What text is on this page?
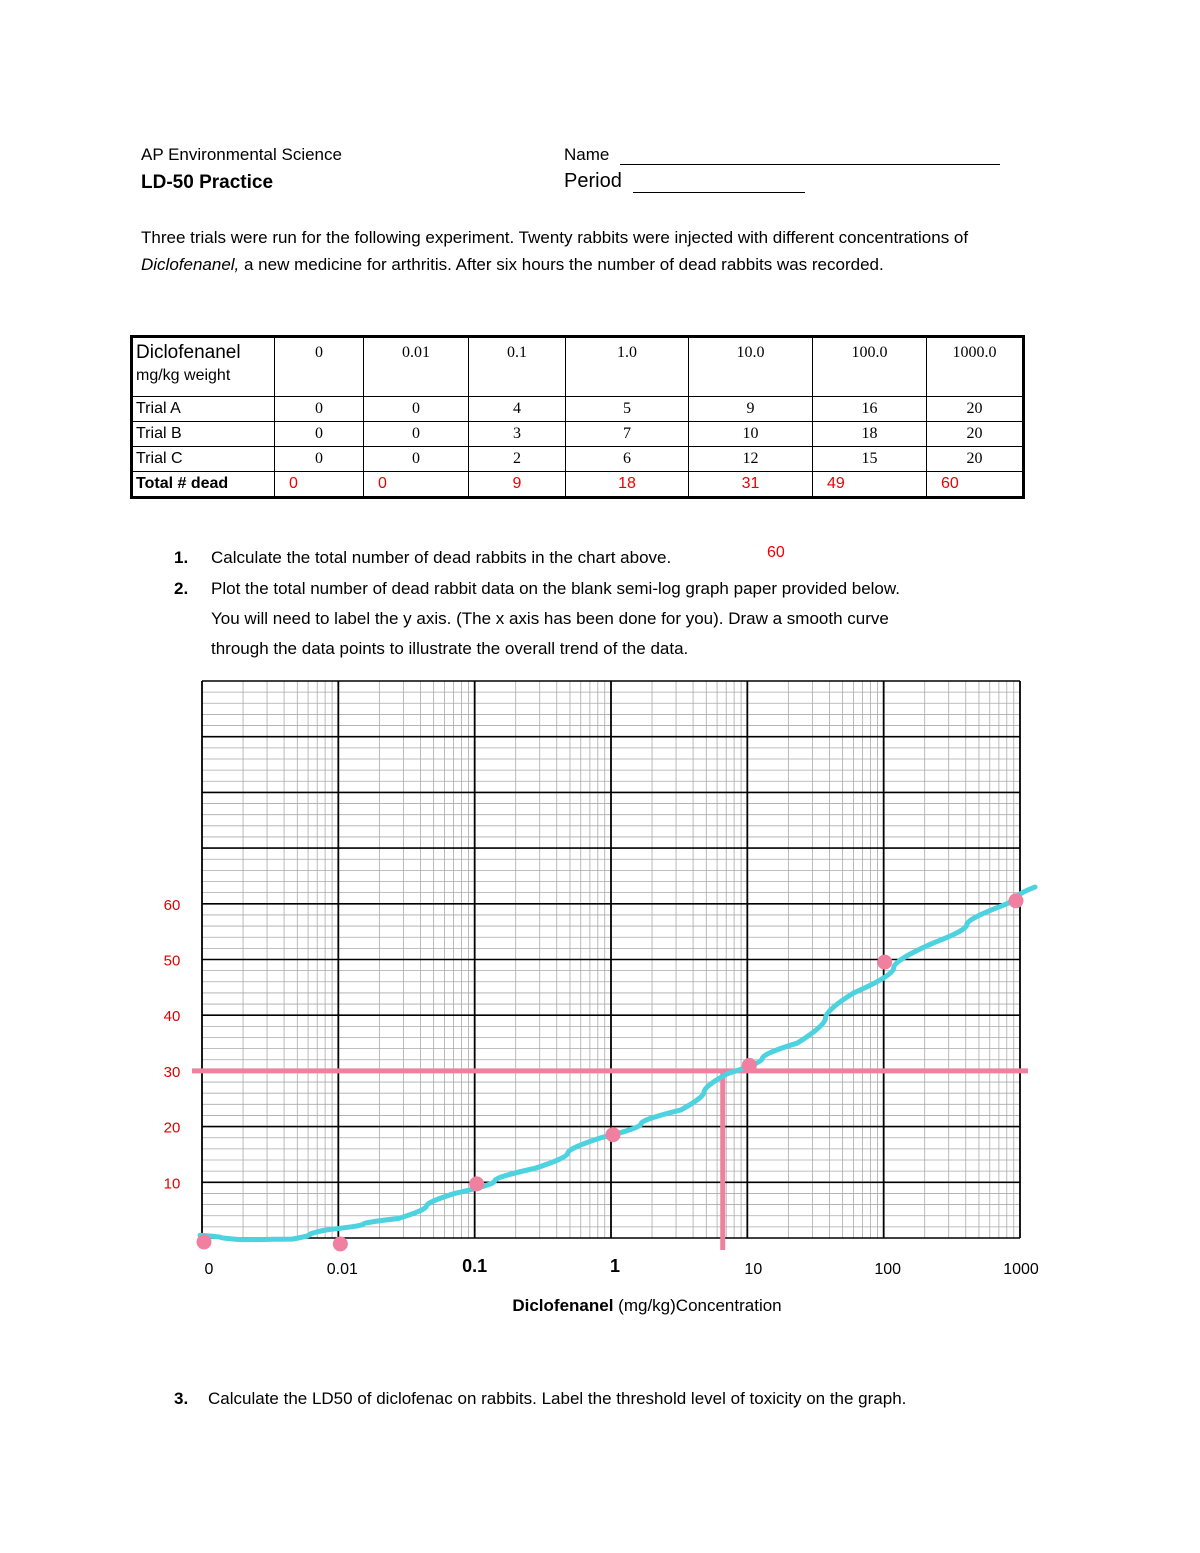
AP Environmental Science
LD-50 Practice
Name
Period
Three trials were run for the following experiment. Twenty rabbits were injected with different concentrations of Diclofenanel, a new medicine for arthritis. After six hours the number of dead rabbits was recorded.
Diclofenanel
mg/kg weight	0	0.01	0.1	1.0	10.0	100.0	1000.0
Trial A	0	0	4	5	9	16	20
Trial B	0	0	3	7	10	18	20
Trial C	0	0	2	6	12	15	20
Total # dead	0	0	9	18	31	49	60
1. Calculate the total number of dead rabbits in the chart above.	60
2. Plot the total number of dead rabbit data on the blank semi-log graph paper provided below.
You will need to label the y axis. (The x axis has been done for you). Draw a smooth curve
through the data points to illustrate the overall trend of the data.
3. Calculate the LD50 of diclofenac on rabbits. Label the threshold level of toxicity on the graph.
0	0.01	0.1	1	10	100	1000
10
20
30
40
50
60
Diclofenanel (mg/kg)Concentration
